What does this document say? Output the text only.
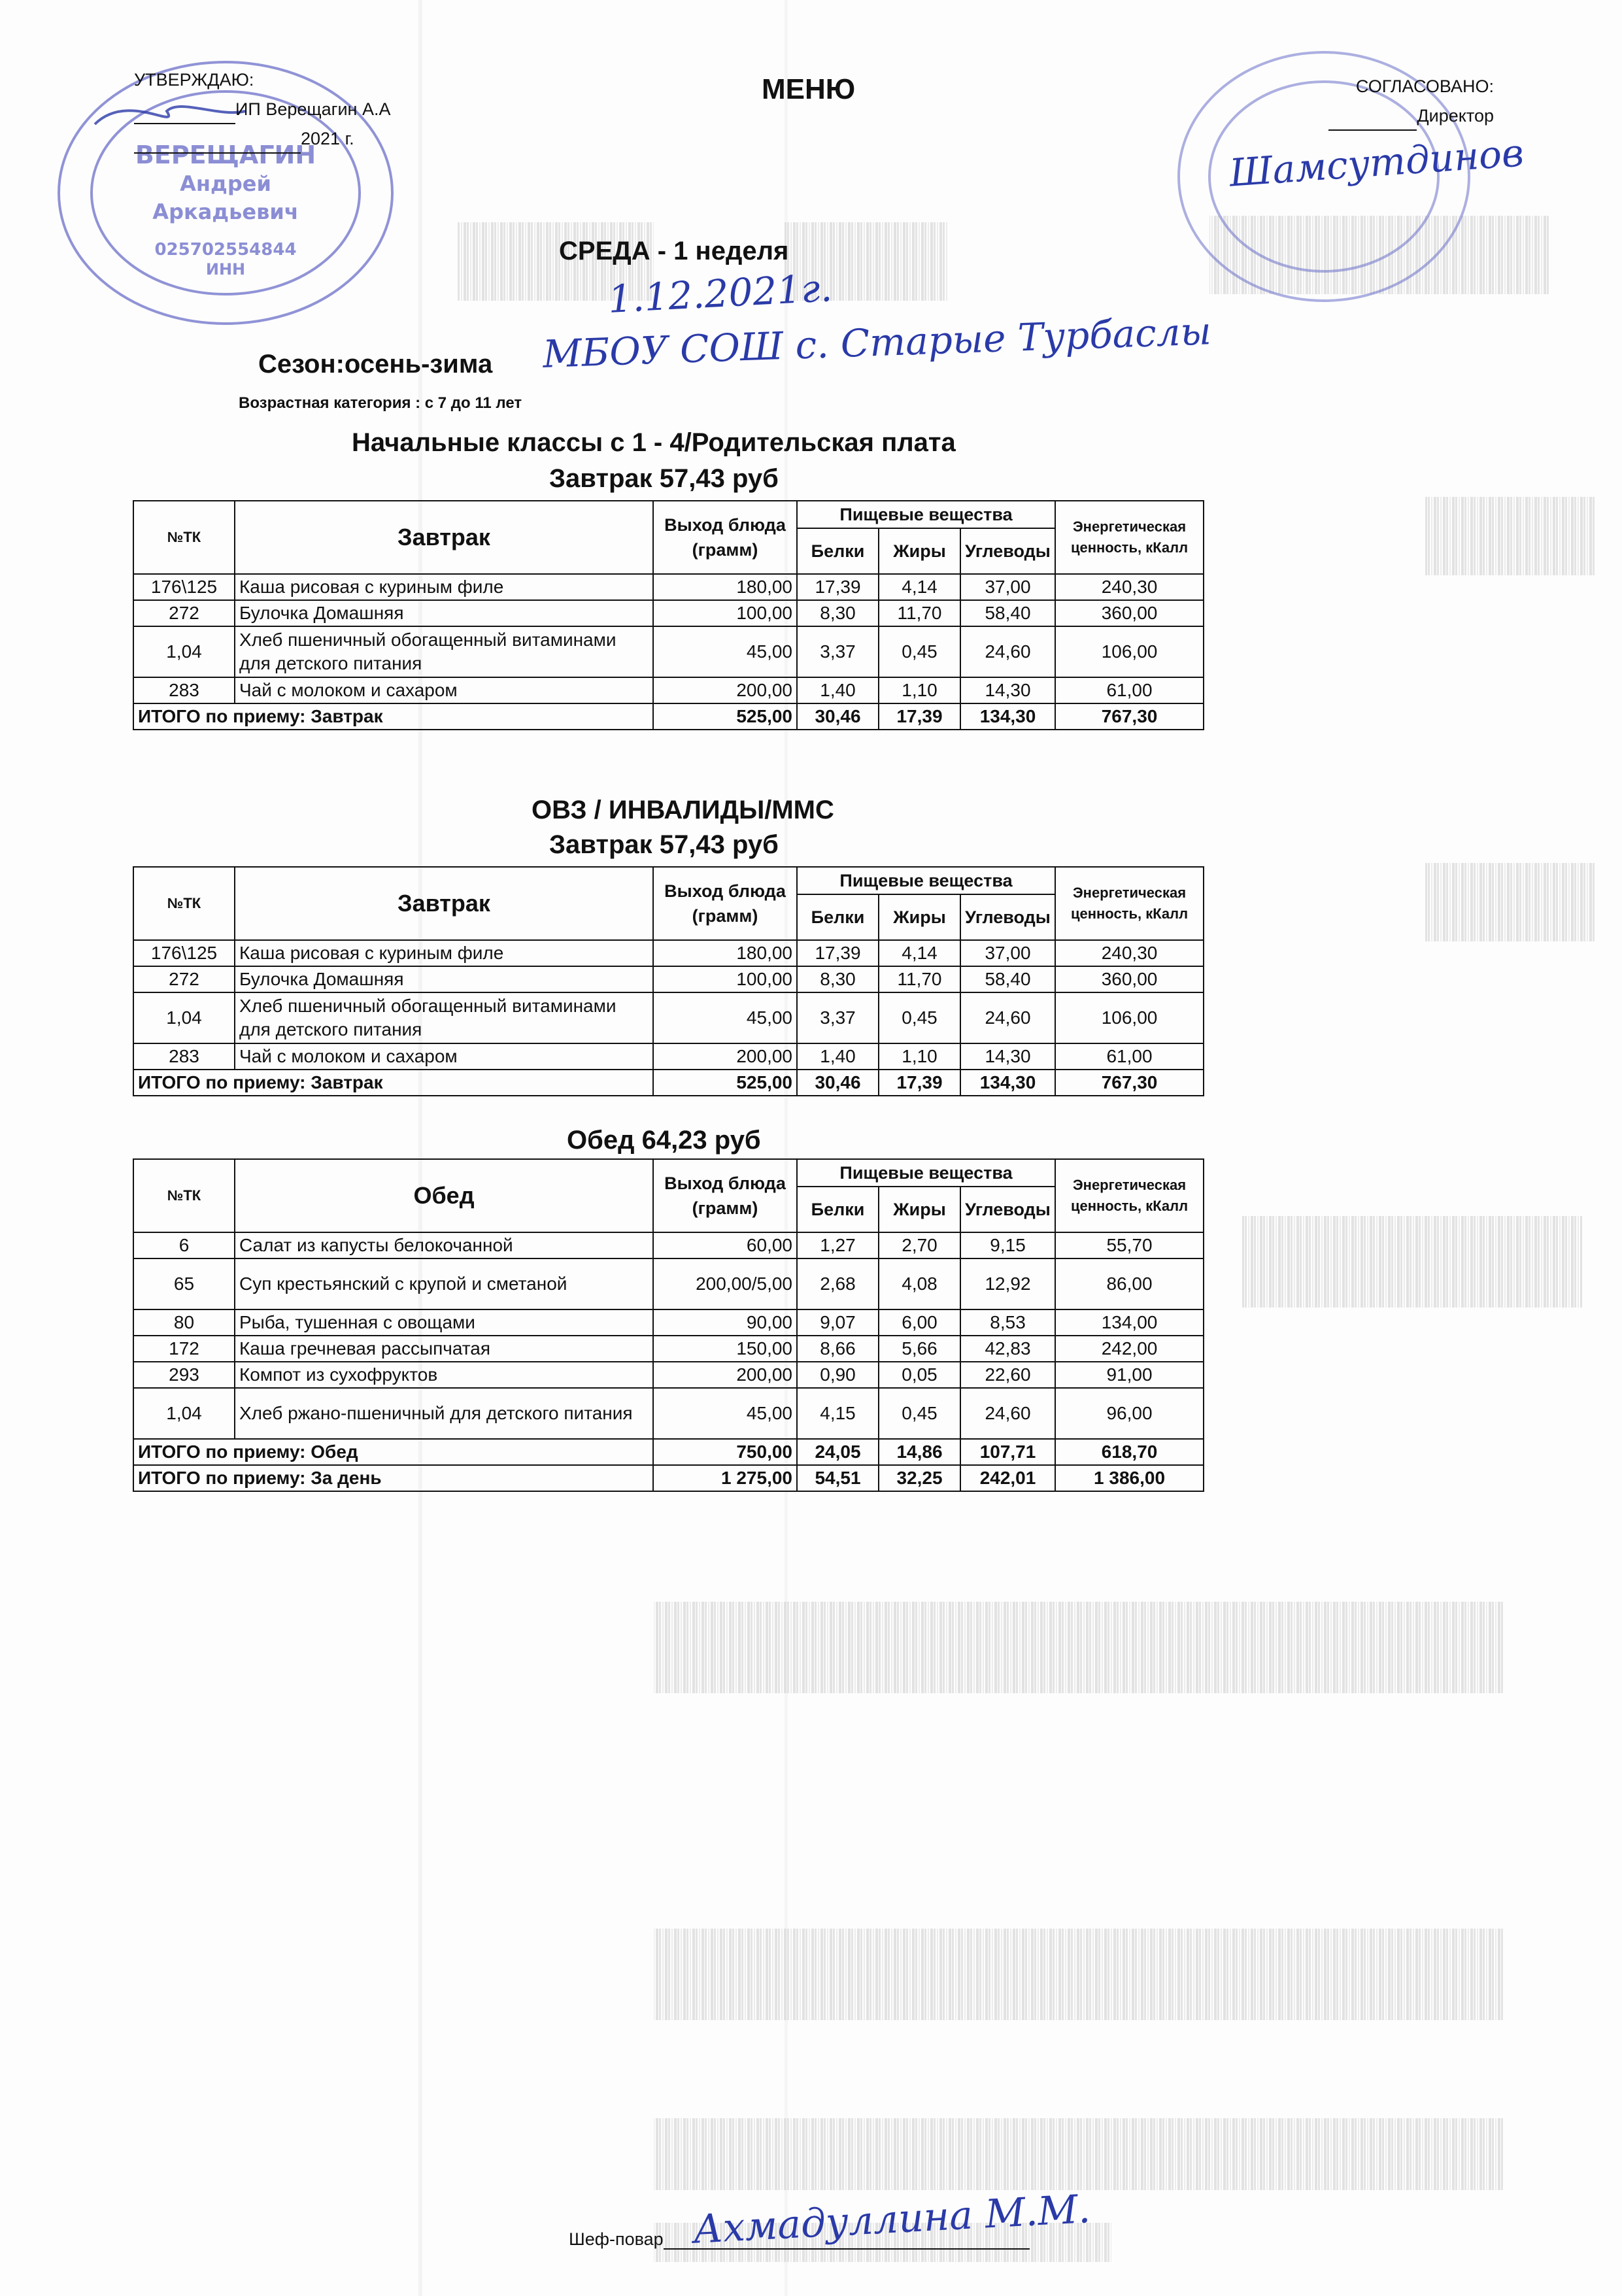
ВЕРЕЩАГИН
Андрей
Аркадьевич
025702554844
ИНН
УТВЕРЖДАЮ:
ИП Верещагин А.А
2021 г.
СОГЛАСОВАНО:
Директор
МЕНЮ
СРЕДА - 1 неделя
Сезон:осень-зима
Возрастная категория : с 7 до 11 лет
1.12.2021г.
МБОУ СОШ с. Старые Турбаслы
Шамсутдинов
Начальные классы с 1 - 4/Родительская плата
Завтрак 57,43 руб
ОВЗ / ИНВАЛИДЫ/ММС
Завтрак 57,43 руб
Обед 64,23 руб
Шеф-повар Ахмадуллина М.М.
№ТК	Завтрак	Выход блюда (грамм)	Пищевые вещества			Энергетическая ценность, кКалл
			Белки	Жиры	Углеводы	
176\125	Каша рисовая с куриным филе	180,00	17,39	4,14	37,00	240,30
272	Булочка Домашняя	100,00	8,30	11,70	58,40	360,00
1,04	Хлеб пшеничный обогащенный витаминами для детского питания	45,00	3,37	0,45	24,60	106,00
283	Чай с молоком и сахаром	200,00	1,40	1,10	14,30	61,00
ИТОГО по приему: Завтрак		525,00	30,46	17,39	134,30	767,30
№ТК	Завтрак	Выход блюда (грамм)	Пищевые вещества			Энергетическая ценность, кКалл
			Белки	Жиры	Углеводы	
176\125	Каша рисовая с куриным филе	180,00	17,39	4,14	37,00	240,30
272	Булочка Домашняя	100,00	8,30	11,70	58,40	360,00
1,04	Хлеб пшеничный обогащенный витаминами для детского питания	45,00	3,37	0,45	24,60	106,00
283	Чай с молоком и сахаром	200,00	1,40	1,10	14,30	61,00
ИТОГО по приему: Завтрак		525,00	30,46	17,39	134,30	767,30
№ТК	Обед	Выход блюда (грамм)	Пищевые вещества			Энергетическая ценность, кКалл
			Белки	Жиры	Углеводы	
6	Салат из капусты белокочанной	60,00	1,27	2,70	9,15	55,70
65	Суп крестьянский с крупой и сметаной	200,00/5,00	2,68	4,08	12,92	86,00
80	Рыба, тушенная с овощами	90,00	9,07	6,00	8,53	134,00
172	Каша гречневая рассыпчатая	150,00	8,66	5,66	42,83	242,00
293	Компот из сухофруктов	200,00	0,90	0,05	22,60	91,00
1,04	Хлеб ржано-пшеничный для детского питания	45,00	4,15	0,45	24,60	96,00
ИТОГО по приему: Обед		750,00	24,05	14,86	107,71	618,70
ИТОГО по приему: За день		1 275,00	54,51	32,25	242,01	1 386,00
